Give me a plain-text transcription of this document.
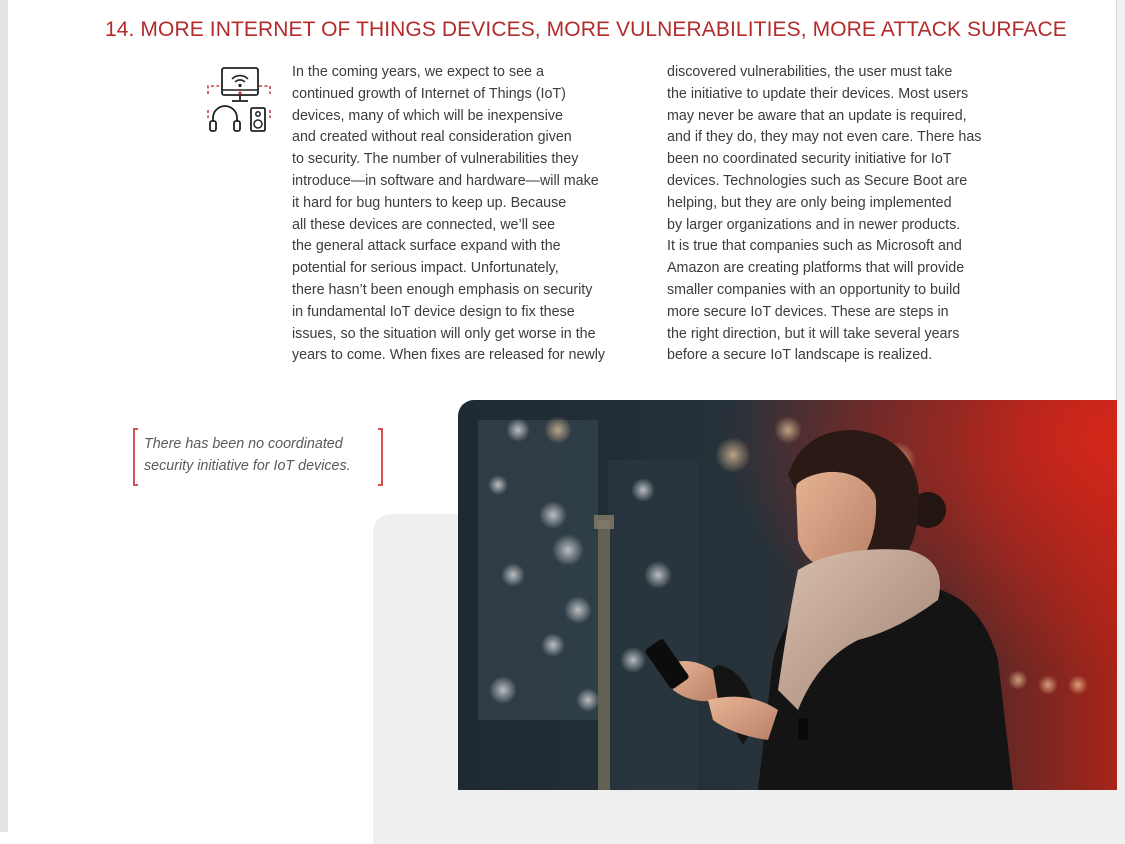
14. MORE INTERNET OF THINGS DEVICES, MORE VULNERABILITIES, MORE ATTACK SURFACE
In the coming years, we expect to see a
continued growth of Internet of Things (IoT)
devices, many of which will be inexpensive
and created without real consideration given
to security. The number of vulnerabilities they
introduce—in software and hardware—will make
it hard for bug hunters to keep up. Because
all these devices are connected, we’ll see
the general attack surface expand with the
potential for serious impact. Unfortunately,
there hasn’t been enough emphasis on security
in fundamental IoT device design to fix these
issues, so the situation will only get worse in the
years to come. When fixes are released for newly
discovered vulnerabilities, the user must take
the initiative to update their devices. Most users
may never be aware that an update is required,
and if they do, they may not even care. There has
been no coordinated security initiative for IoT
devices. Technologies such as Secure Boot are
helping, but they are only being implemented
by larger organizations and in newer products.
It is true that companies such as Microsoft and
Amazon are creating platforms that will provide
smaller companies with an opportunity to build
more secure IoT devices. These are steps in
the right direction, but it will take several years
before a secure IoT landscape is realized.
There has been no coordinated
security initiative for IoT devices.
